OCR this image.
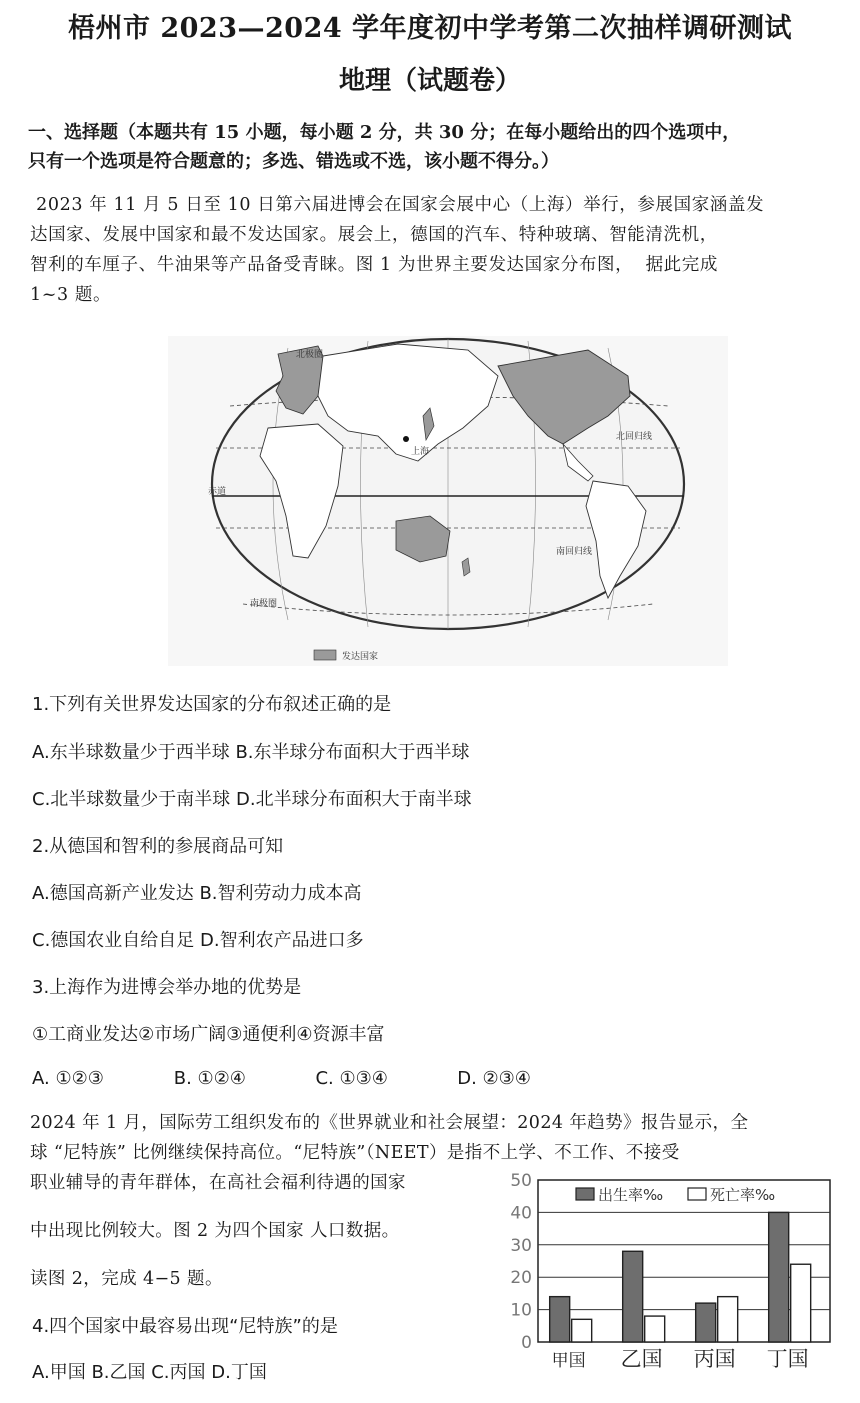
梧州市 2023—2024 学年度初中学考第二次抽样调研测试
地理（试题卷）
一、选择题（本题共有 15 小题，每小题 2 分，共 30 分；在每小题给出的四个选项中，
只有一个选项是符合题意的；多选、错选或不选，该小题不得分。）
2023 年 11 月 5 日至 10 日第六届进博会在国家会展中心（上海）举行，参展国家涵盖发
达国家、发展中国家和最不发达国家。展会上，德国的汽车、特种玻璃、智能清洗机，
智利的车厘子、牛油果等产品备受青睐。图 1 为世界主要发达国家分布图，  据此完成
1~3 题。
北极圈
北回归线
赤道
南回归线
南极圈
上海
发达国家
1.下列有关世界发达国家的分布叙述正确的是
A.东半球数量少于西半球 B.东半球分布面积大于西半球
C.北半球数量少于南半球 D.北半球分布面积大于南半球
2.从德国和智利的参展商品可知
A.德国高新产业发达 B.智利劳动力成本高
C.德国农业自给自足 D.智利农产品进口多
3.上海作为进博会举办地的优势是
①工商业发达②市场广阔③通便利④资源丰富
A. ①②③	B. ①②④	C. ①③④	D. ②③④
2024 年 1 月，国际劳工组织发布的《世界就业和社会展望：2024 年趋势》报告显示，全
球 “尼特族” 比例继续保持高位。“尼特族”（NEET）是指不上学、不工作、不接受
职业辅导的青年群体，在高社会福利待遇的国家
中出现比例较大。图 2 为四个国家 人口数据。
读图 2，完成 4−5 题。
4.四个国家中最容易出现“尼特族”的是
A.甲国 B.乙国 C.丙国 D.丁国
0
10
20
30
40
50
甲国 乙国 丙国 丁国
出生率‰	死亡率‰
